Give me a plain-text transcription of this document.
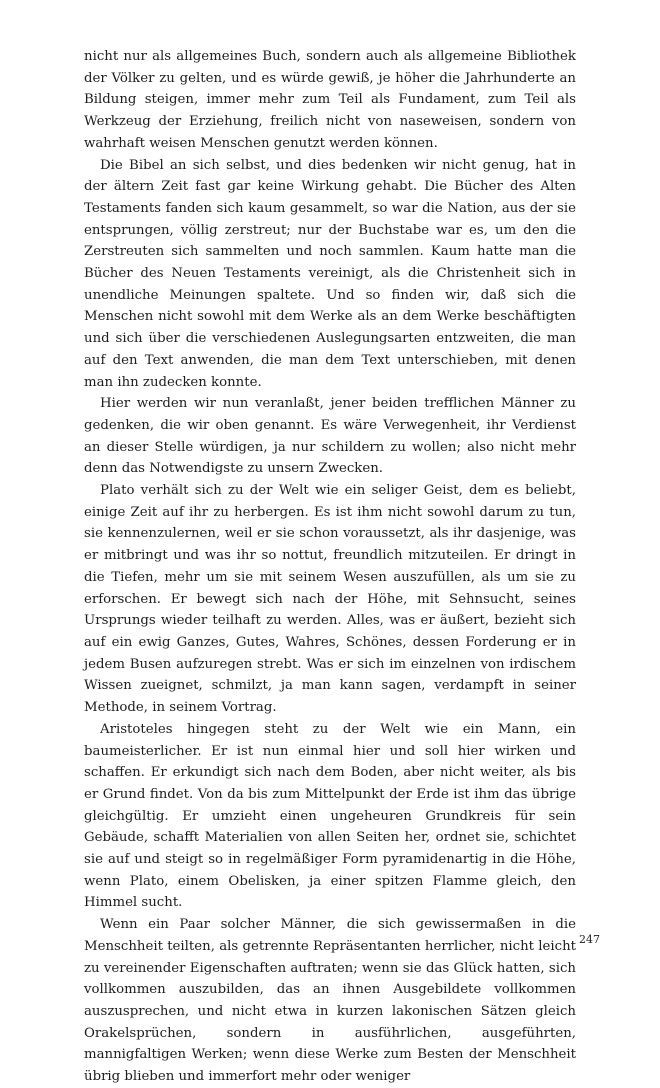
nicht nur als allgemeines Buch, sondern auch als allgemeine Bibliothek der Völker zu gelten, und es würde gewiß, je höher die Jahrhunderte an Bildung steigen, immer mehr zum Teil als Fundament, zum Teil als Werkzeug der Erziehung, freilich nicht von naseweisen, sondern von wahrhaft weisen Menschen genutzt werden können.

Die Bibel an sich selbst, und dies bedenken wir nicht genug, hat in der ältern Zeit fast gar keine Wirkung gehabt. Die Bücher des Alten Testaments fanden sich kaum gesammelt, so war die Nation, aus der sie entsprungen, völlig zerstreut; nur der Buchstabe war es, um den die Zerstreuten sich sammelten und noch sammlen. Kaum hatte man die Bücher des Neuen Testaments vereinigt, als die Christenheit sich in unendliche Meinungen spaltete. Und so finden wir, daß sich die Menschen nicht sowohl mit dem Werke als an dem Werke beschäftigten und sich über die verschiedenen Auslegungsarten entzweiten, die man auf den Text anwenden, die man dem Text unterschieben, mit denen man ihn zudecken konnte.

Hier werden wir nun veranlaßt, jener beiden trefflichen Männer zu gedenken, die wir oben genannt. Es wäre Verwegenheit, ihr Verdienst an dieser Stelle würdigen, ja nur schildern zu wollen; also nicht mehr denn das Notwendigste zu unsern Zwecken.

Plato verhält sich zu der Welt wie ein seliger Geist, dem es beliebt, einige Zeit auf ihr zu herbergen. Es ist ihm nicht sowohl darum zu tun, sie kennenzulernen, weil er sie schon voraussetzt, als ihr dasjenige, was er mitbringt und was ihr so nottut, freundlich mitzuteilen. Er dringt in die Tiefen, mehr um sie mit seinem Wesen auszufüllen, als um sie zu erforschen. Er bewegt sich nach der Höhe, mit Sehnsucht, seines Ursprungs wieder teilhaft zu werden. Alles, was er äußert, bezieht sich auf ein ewig Ganzes, Gutes, Wahres, Schönes, dessen Forderung er in jedem Busen aufzuregen strebt. Was er sich im einzelnen von irdischem Wissen zueignet, schmilzt, ja man kann sagen, verdampft in seiner Methode, in seinem Vortrag.

Aristoteles hingegen steht zu der Welt wie ein Mann, ein baumeisterlicher. Er ist nun einmal hier und soll hier wirken und schaffen. Er erkundigt sich nach dem Boden, aber nicht weiter, als bis er Grund findet. Von da bis zum Mittelpunkt der Erde ist ihm das übrige gleichgültig. Er umzieht einen ungeheuren Grundkreis für sein Gebäude, schafft Materialien von allen Seiten her, ordnet sie, schichtet sie auf und steigt so in regelmäßiger Form pyramidenartig in die Höhe, wenn Plato, einem Obelisken, ja einer spitzen Flamme gleich, den Himmel sucht.

Wenn ein Paar solcher Männer, die sich gewissermaßen in die Menschheit teilten, als getrennte Repräsentanten herrlicher, nicht leicht zu vereinender Eigenschaften auftraten; wenn sie das Glück hatten, sich vollkommen auszubilden, das an ihnen Ausgebildete vollkommen auszusprechen, und nicht etwa in kurzen lakonischen Sätzen gleich Orakelsprüchen, sondern in ausführlichen, ausgeführten, mannigfaltigen Werken; wenn diese Werke zum Besten der Menschheit übrig blieben und immerfort mehr oder weniger

247
